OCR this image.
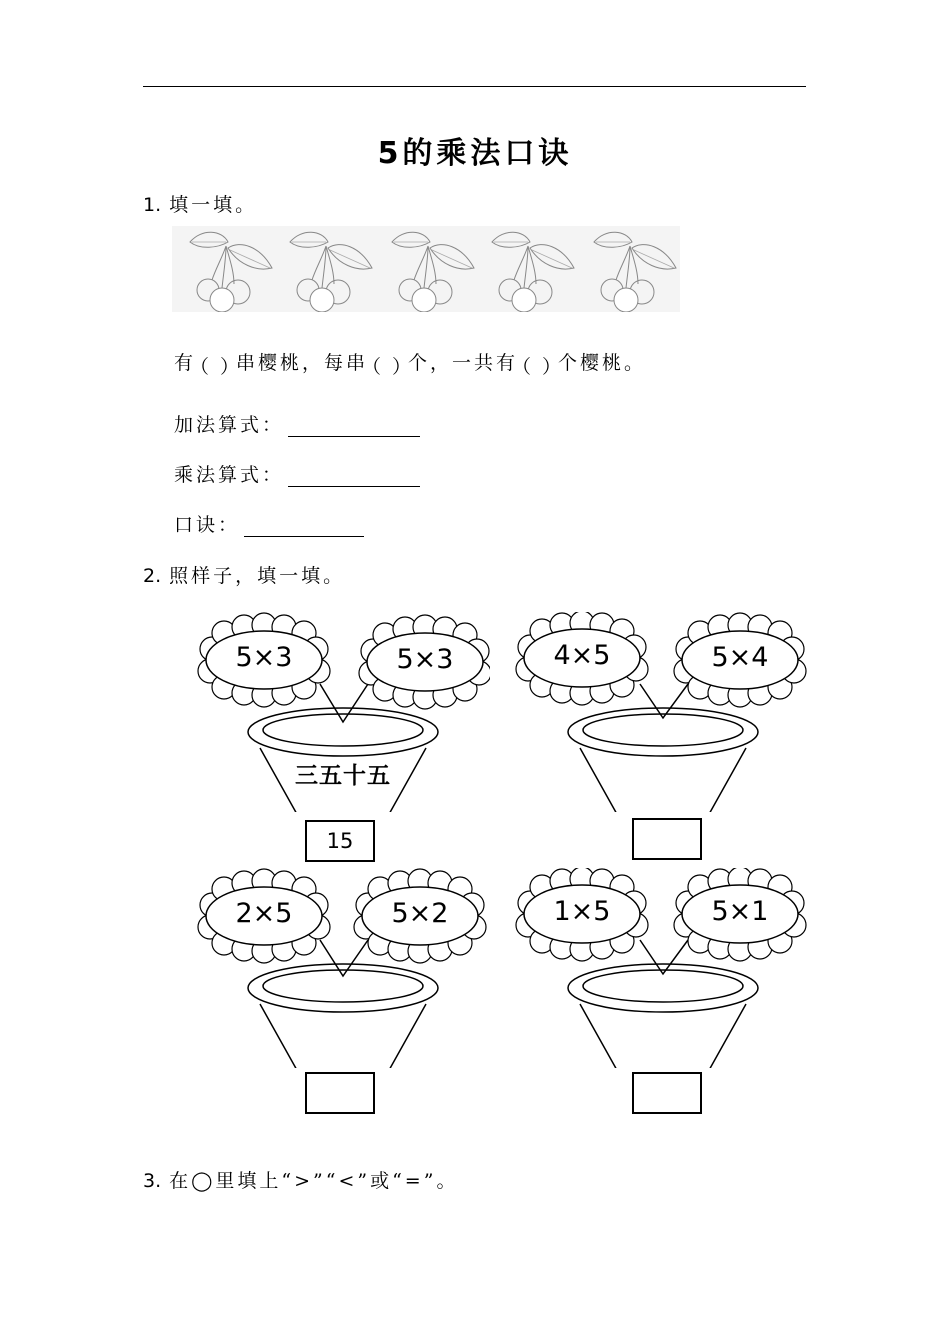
5的乘法口诀
1. 填一填。
有 （   ） 串樱桃，每串 （   ） 个，一共有 （   ） 个樱桃。
加法算式：
乘法算式：
口诀：
2. 照样子，填一填。
5×3	5×3
三五十五
15
4×5	5×4
2×5	5×2	1×5	5×1
3. 在◯里填上“>”“<”或“=”。
